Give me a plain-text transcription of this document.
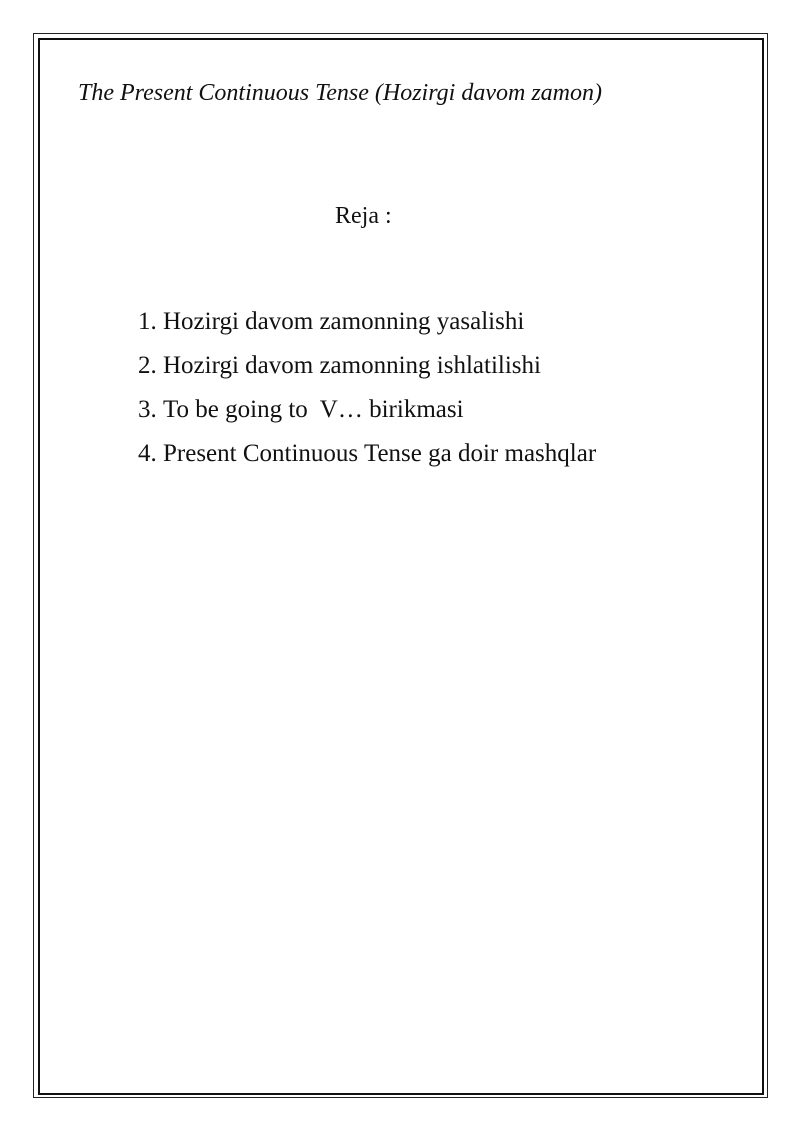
The Present Continuous Tense (Hozirgi davom zamon)
Reja :
1. Hozirgi davom zamonning yasalishi
2. Hozirgi davom zamonning ishlatilishi
3. To be going to  V… birikmasi
4. Present Continuous Tense ga doir mashqlar
